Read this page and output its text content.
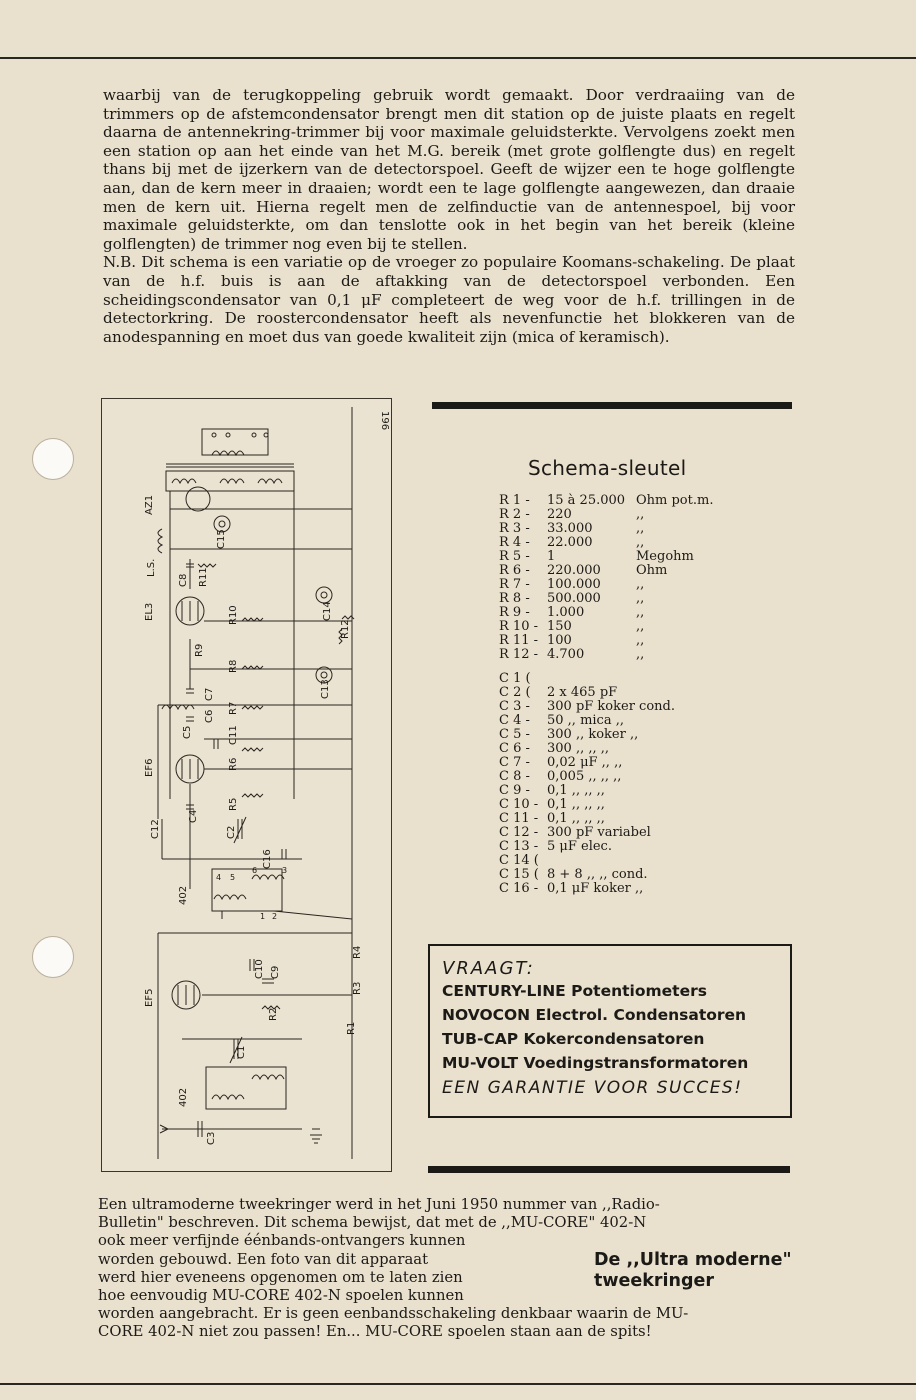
waarbij van de terugkoppeling gebruik wordt gemaakt. Door verdraaiing van de trimmers op de afstemcondensator brengt men dit station op de juiste plaats en regelt daarna de antennekring-trimmer bij voor maximale geluidsterkte. Vervolgens zoekt men een station op aan het einde van het M.G. bereik (met grote golflengte dus) en regelt thans bij met de ijzerkern van de detectorspoel. Geeft de wijzer een te hoge golflengte aan, dan de kern meer in draaien; wordt een te lage golflengte aangewezen, dan draaie men de kern uit. Hierna regelt men de zelfinductie van de antennespoel, bij voor maximale geluidsterkte, om dan tenslotte ook in het begin van het bereik (kleine golflengten) de trimmer nog even bij te stellen.

N.B. Dit schema is een variatie op de vroeger zo populaire Koomans-schakeling. De plaat van de h.f. buis is aan de aftakking van de detectorspoel verbonden. Een scheidingscondensator van 0,1 μF completeert de weg voor de h.f. trillingen in de detectorkring. De roostercondensator heeft als nevenfunctie het blokkeren van de anodespanning en moet dus van goede kwaliteit zijn (mica of keramisch).

196
AZ1
EL3
EF6
EF5
402
402
L.S.
C15
C8 R11
R10	C14
R12
R9
R8
C13
C7
R7
C6
C5	C11
R6
R5
C12
C4
C2
C16
R4
C10 C9
R3
R2
R1
C1
C3
4 5
6	3
1 2
Schema-sleutel
R 1 -	15 à 25.000 Ohm pot.m.
R 2 -	220	,,
R 3 -	33.000	,,
R 4 -	22.000	,,
R 5 -	1	Megohm
R 6 -	220.000	Ohm
R 7 -	100.000	,,
R 8 -	500.000	,,
R 9 -	1.000	,,
R 10 - 150	,,
R 11 - 100	,,
R 12 - 4.700	,,
C 1 (
C 2 (	2 x 465 pF
C 3 -	300 pF koker cond.
C 4 -	50 ,, mica ,,
C 5 -	300 ,, koker ,,
C 6 -	300 ,, ,, ,,
C 7 -	0,02 μF ,, ,,
C 8 -	0,005 ,, ,, ,,
C 9 -	0,1 ,, ,, ,,
C 10 - 0,1 ,, ,, ,,
C 11 - 0,1 ,, ,, ,,
C 12 - 300 pF variabel
C 13 - 5 μF elec.
C 14 (
C 15 ( 8 + 8 ,, ,, cond.
C 16 - 0,1 μF koker ,,
VRAAGT:
CENTURY-LINE Potentiometers
NOVOCON Electrol. Condensatoren
TUB-CAP Kokercondensatoren
MU-VOLT Voedingstransformatoren
EEN GARANTIE VOOR SUCCES!
Een ultramoderne tweekringer werd in het Juni 1950 nummer van ,,Radio-
Bulletin" beschreven. Dit schema bewijst, dat met de ,,MU-CORE" 402-N
ook meer verfijnde éénbands-ontvangers kunnen
worden gebouwd. Een foto van dit apparaat
werd hier eveneens opgenomen om te laten zien
hoe eenvoudig MU-CORE 402-N spoelen kunnen
worden aangebracht. Er is geen eenbandsschakeling denkbaar waarin de MU-
CORE 402-N niet zou passen! En... MU-CORE spoelen staan aan de spits!
De ,,Ultra moderne"
tweekringer
